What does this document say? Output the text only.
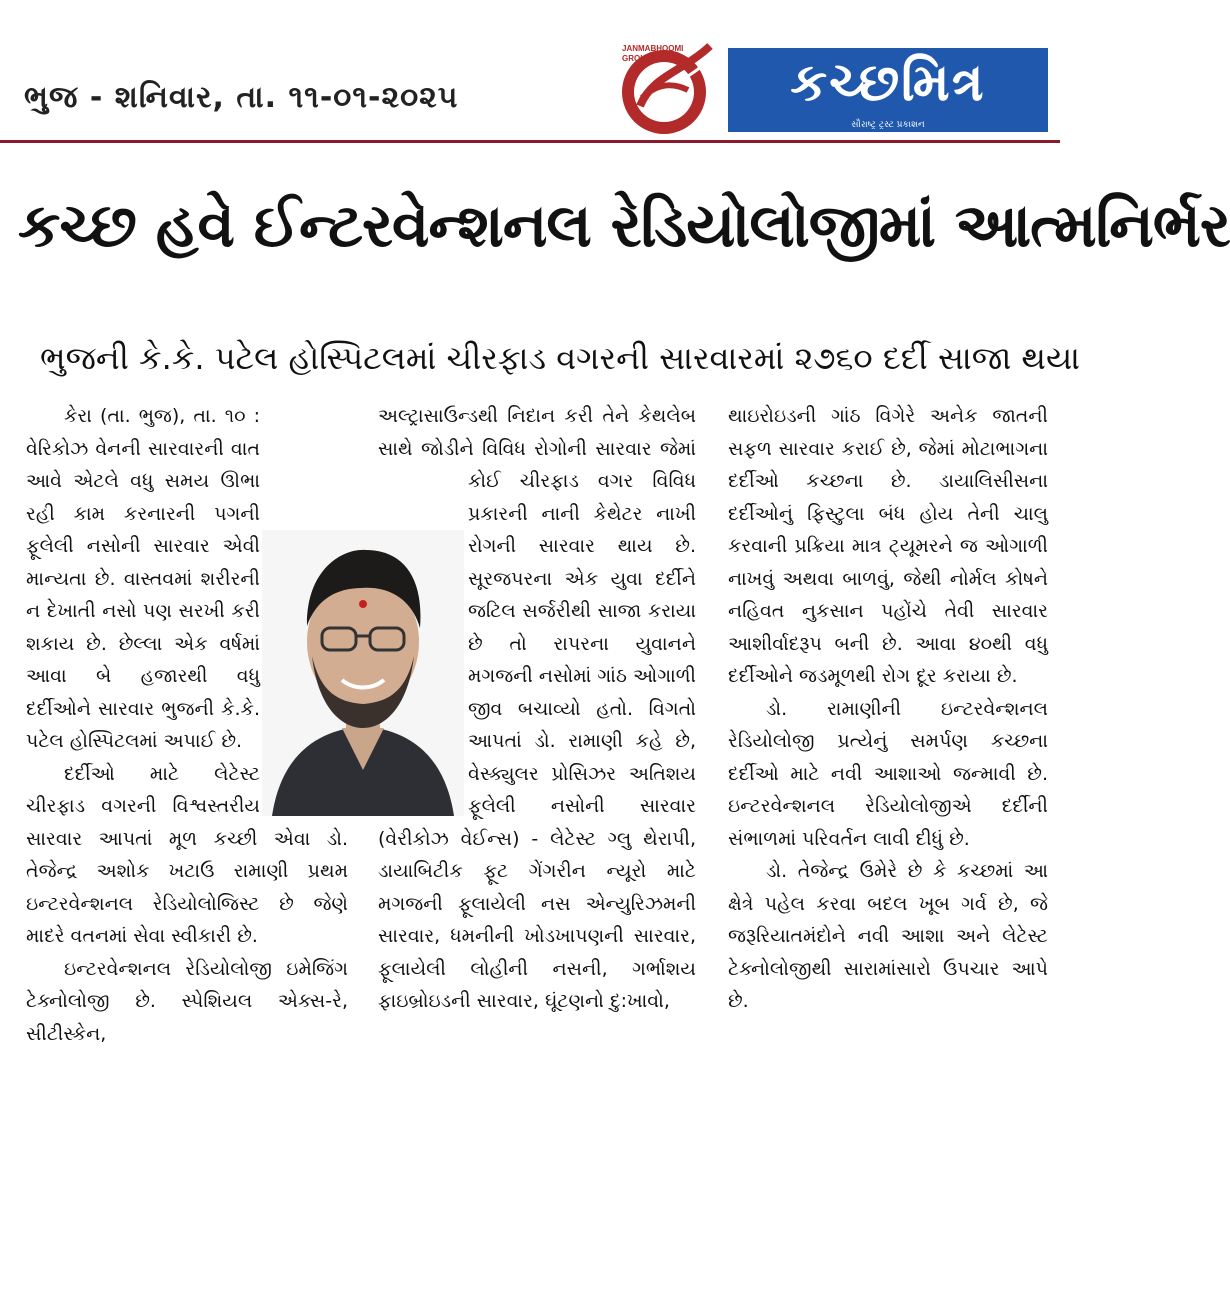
ભુજ - શનિવાર, તા. ૧૧-૦૧-૨૦૨૫
JANMABHOOMI GROUP	કચ્છમિત્ર
સૌરાષ્ટ્ર ટ્રસ્ટ પ્રકાશન
કચ્છ હવે ઈન્ટરવેન્શનલ રેડિયોલોજીમાં આત્મનિર્ભર
ભુજની કે.કે. પટેલ હોસ્પિટલમાં ચીરફાડ વગરની સારવારમાં ૨૭૬૦ દર્દી સાજા થયા

કેરા (તા. ભુજ), તા. ૧૦ : વેરિકોઝ વેનની સારવારની વાત આવે એટલે વધુ સમય ઊભા રહી કામ કરનારની પગની ફૂલેલી નસોની સારવાર એવી માન્યતા છે. વાસ્તવમાં શરીરની ન દેખાતી નસો પણ સરખી કરી શકાય છે. છેલ્લા એક વર્ષમાં આવા બે હજારથી વધુ દર્દીઓને સારવાર ભુજની કે.કે. પટેલ હોસ્પિટલમાં અપાઈ છે.

દર્દીઓ માટે લેટેસ્ટ ચીરફાડ વગરની વિશ્વસ્તરીય સારવાર આપતાં મૂળ કચ્છી એવા ડો. તેજેન્દ્ર અશોક ખટાઉ રામાણી પ્રથમ ઇન્ટરવેન્શનલ રેડિયોલોજિસ્ટ છે જેણે માદરે વતનમાં સેવા સ્વીકારી છે.

ઇન્ટરવેન્શનલ રેડિયોલોજી ઇમેજિંગ ટેક્નોલોજી છે. સ્પેશિયલ એક્સ-રે, સીટીસ્કેન,

અલ્ટ્રાસાઉન્ડથી નિદાન કરી તેને કેથલેબ સાથે જોડીને વિવિધ રોગોની સારવાર જેમાં કોઈ ચીરફાડ વગર વિવિધ પ્રકારની નાની કેથેટર નાખી રોગની સારવાર થાય છે. સૂરજપરના એક યુવા દર્દીને જટિલ સર્જરીથી સાજા કરાયા છે તો રાપરના યુવાનને મગજની નસોમાં ગાંઠ ઓગાળી જીવ બચાવ્યો હતો. વિગતો આપતાં ડો. રામાણી કહે છે, વેસ્ક્યુલર પ્રોસિઝર અતિશય ફૂલેલી નસોની સારવાર (વેરીકોઝ વેઈન્સ) - લેટેસ્ટ ગ્લુ થેરાપી, ડાયાબિટીક ફૂટ ગેંગરીન ન્યૂરો માટે મગજની ફૂલાયેલી નસ એન્યુરિઝમની સારવાર, ધમનીની ખોડખાપણની સારવાર, ફૂલાયેલી લોહીની નસની, ગર્ભાશય ફાઇબ્રોઇડની સારવાર, ઘૂંટણનો દુ:ખાવો,

થાઇરોઇડની ગાંઠ વિગેરે અનેક જાતની સફળ સારવાર કરાઈ છે, જેમાં મોટાભાગના દર્દીઓ કચ્છના છે. ડાયાલિસીસના દર્દીઓનું ફિસ્ટુલા બંધ હોય તેની ચાલુ કરવાની પ્રક્રિયા માત્ર ટ્યૂમરને જ ઓગાળી નાખવું અથવા બાળવું, જેથી નોર્મલ કોષને નહિવત નુકસાન પહોંચે તેવી સારવાર આશીર્વાદરૂપ બની છે. આવા ૪૦થી વધુ દર્દીઓને જડમૂળથી રોગ દૂર કરાયા છે.

ડો. રામાણીની ઇન્ટરવેન્શનલ રેડિયોલોજી પ્રત્યેનું સમર્પણ કચ્છના દર્દીઓ માટે નવી આશાઓ જન્માવી છે. ઇન્ટરવેન્શનલ રેડિયોલોજીએ દર્દીની સંભાળમાં પરિવર્તન લાવી દીધું છે.

ડો. તેજેન્દ્ર ઉમેરે છે કે કચ્છમાં આ ક્ષેત્રે પહેલ કરવા બદલ ખૂબ ગર્વ છે, જે જરૂરિયાતમંદોને નવી આશા અને લેટેસ્ટ ટેક્નોલોજીથી સારામાંસારો ઉપચાર આપે છે.
